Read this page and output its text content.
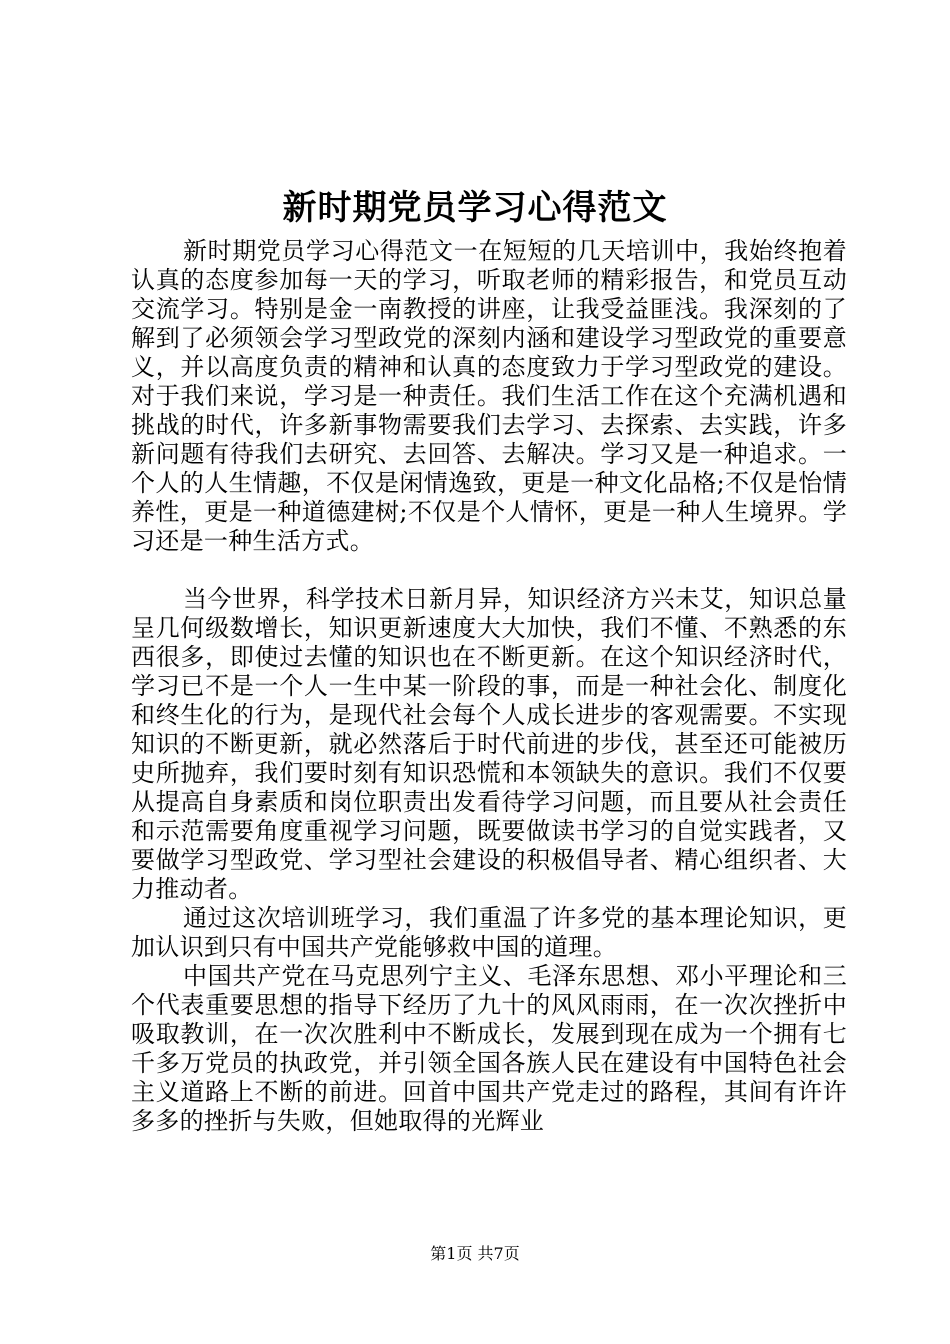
新时期党员学习心得范文

新时期党员学习心得范文一在短短的几天培训中，我始终抱着认真的态度参加每一天的学习，听取老师的精彩报告，和党员互动交流学习。特别是金一南教授的讲座，让我受益匪浅。我深刻的了解到了必须领会学习型政党的深刻内涵和建设学习型政党的重要意义，并以高度负责的精神和认真的态度致力于学习型政党的建设。对于我们来说，学习是一种责任。我们生活工作在这个充满机遇和挑战的时代，许多新事物需要我们去学习、去探索、去实践，许多新问题有待我们去研究、去回答、去解决。学习又是一种追求。一个人的人生情趣，不仅是闲情逸致，更是一种文化品格;不仅是怡情养性，更是一种道德建树;不仅是个人情怀，更是一种人生境界。学习还是一种生活方式。

当今世界，科学技术日新月异，知识经济方兴未艾，知识总量呈几何级数增长，知识更新速度大大加快，我们不懂、不熟悉的东西很多，即使过去懂的知识也在不断更新。在这个知识经济时代，学习已不是一个人一生中某一阶段的事，而是一种社会化、制度化和终生化的行为，是现代社会每个人成长进步的客观需要。不实现知识的不断更新，就必然落后于时代前进的步伐，甚至还可能被历史所抛弃，我们要时刻有知识恐慌和本领缺失的意识。我们不仅要从提高自身素质和岗位职责出发看待学习问题，而且要从社会责任和示范需要角度重视学习问题，既要做读书学习的自觉实践者，又要做学习型政党、学习型社会建设的积极倡导者、精心组织者、大力推动者。

通过这次培训班学习，我们重温了许多党的基本理论知识，更加认识到只有中国共产党能够救中国的道理。

中国共产党在马克思列宁主义、毛泽东思想、邓小平理论和三个代表重要思想的指导下经历了九十的风风雨雨，在一次次挫折中吸取教训，在一次次胜利中不断成长，发展到现在成为一个拥有七千多万党员的执政党，并引领全国各族人民在建设有中国特色社会主义道路上不断的前进。回首中国共产党走过的路程，其间有许许多多的挫折与失败，但她取得的光辉业

第1页 共7页
